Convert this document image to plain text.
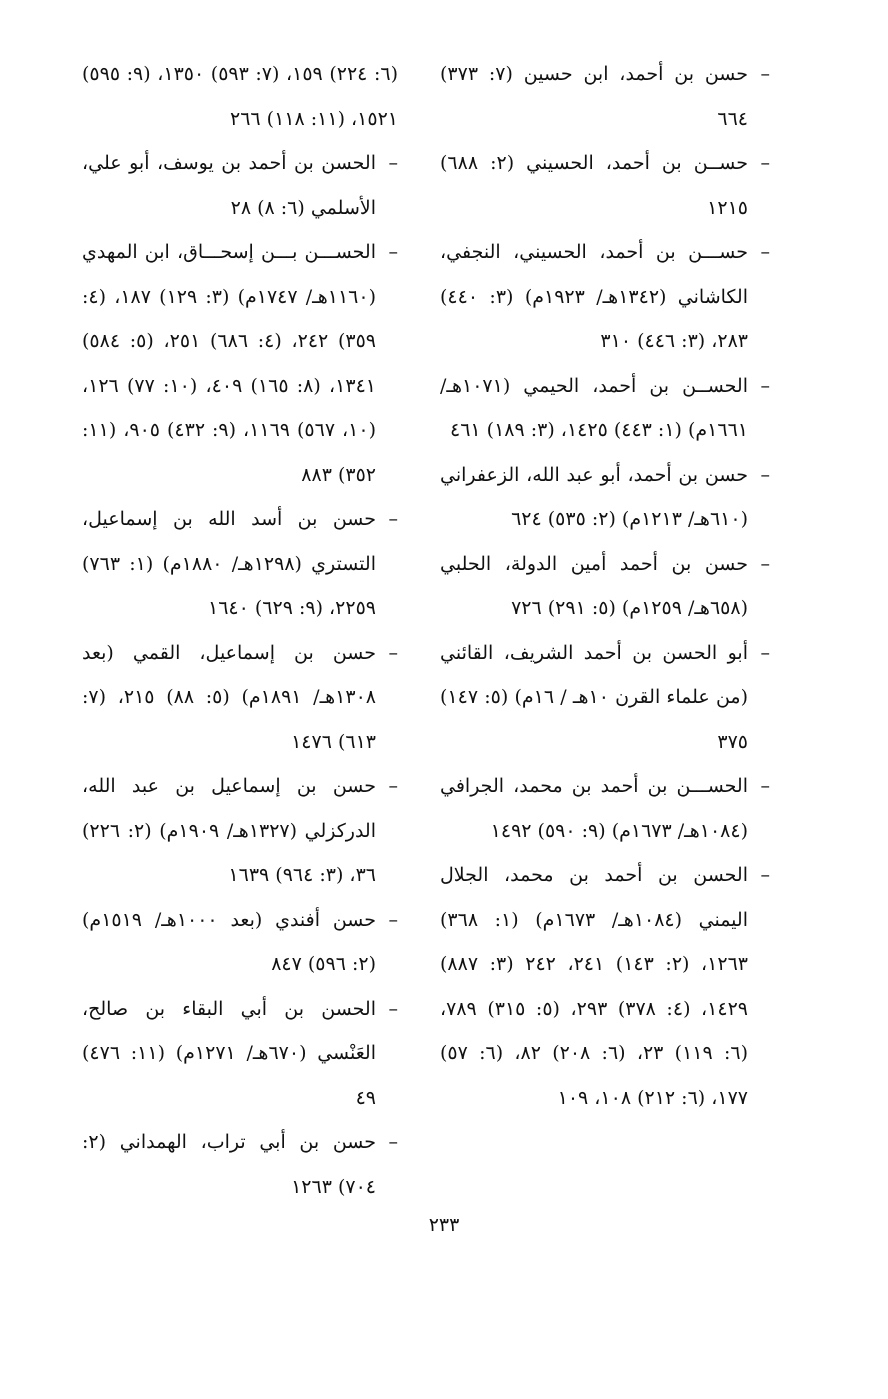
–
حسن بن أحمد، ابن حسين (٧: ٣٧٣) ٦٦٤

–
حســن بن أحمد، الحسيني (٢: ٦٨٨) ١٢١٥

–
حســـن بن أحمد، الحسيني، النجفي، الكاشاني (١٣٤٢هـ/ ١٩٢٣م) (٣: ٤٤٠) ٢٨٣، (٣: ٤٤٦) ٣١٠

–
الحســن بن أحمد، الحيمي (١٠٧١هـ/ ١٦٦١م) (١: ٤٤٣) ١٤٢٥، (٣: ١٨٩) ٤٦١

–
حسن بن أحمد، أبو عبد الله، الزعفراني (٦١٠هـ/ ١٢١٣م) (٢: ٥٣٥) ٦٢٤

–
حسن بن أحمد أمين الدولة، الحلبي (٦٥٨هـ/ ١٢٥٩م) (٥: ٢٩١) ٧٢٦

–
أبو الحسن بن أحمد الشريف، القائني (من علماء القرن ١٠هـ / ١٦م) (٥: ١٤٧) ٣٧٥

–
الحســـن بن أحمد بن محمد، الجرافي (١٠٨٤هـ/ ١٦٧٣م) (٩: ٥٩٠) ١٤٩٢

–
الحسن بن أحمد بن محمد، الجلال اليمني (١٠٨٤هـ/ ١٦٧٣م) (١: ٣٦٨) ١٢٦٣، (٢: ١٤٣) ٢٤١، ٢٤٢ (٣: ٨٨٧) ١٤٢٩، (٤: ٣٧٨) ٢٩٣، (٥: ٣١٥) ٧٨٩، (٦: ١١٩) ٢٣، (٦: ٢٠٨) ٨٢، (٦: ٥٧) ١٧٧، (٦: ٢١٢) ١٠٨، ١٠٩

(٦: ٢٢٤) ١٥٩، (٧: ٥٩٣) ١٣٥٠، (٩: ٥٩٥) ١٥٢١، (١١: ١١٨) ٢٦٦

–
الحسن بن أحمد بن يوسف، أبو علي، الأسلمي (٦: ٨) ٢٨

–
الحســـن بـــن إسحـــاق، ابن المهدي (١١٦٠هـ/ ١٧٤٧م) (٣: ١٢٩) ١٨٧، (٤: ٣٥٩) ٢٤٢، (٤: ٦٨٦) ٢٥١، (٥: ٥٨٤) ١٣٤١، (٨: ١٦٥) ٤٠٩، (١٠: ٧٧) ١٢٦، (١٠، ٥٦٧) ١١٦٩، (٩: ٤٣٢) ٩٠٥، (١١: ٣٥٢) ٨٨٣

–
حسن بن أسد الله بن إسماعيل، التستري (١٢٩٨هـ/ ١٨٨٠م) (١: ٧٦٣) ٢٢٥٩، (٩: ٦٢٩) ١٦٤٠

–
حسن بن إسماعيل، القمي (بعد ١٣٠٨هـ/ ١٨٩١م) (٥: ٨٨) ٢١٥، (٧: ٦١٣) ١٤٧٦

–
حسن بن إسماعيل بن عبد الله، الدركزلي (١٣٢٧هـ/ ١٩٠٩م) (٢: ٢٢٦) ٣٦، (٣: ٩٦٤) ١٦٣٩

–
حسن أفندي (بعد ١٠٠٠هـ/ ١٥١٩م) (٢: ٥٩٦) ٨٤٧

–
الحسن بن أبي البقاء بن صالح، العَنْسي (٦٧٠هـ/ ١٢٧١م) (١١: ٤٧٦) ٤٩

–
حسن بن أبي تراب، الهمداني (٢: ٧٠٤) ١٢٦٣

٢٣٣
